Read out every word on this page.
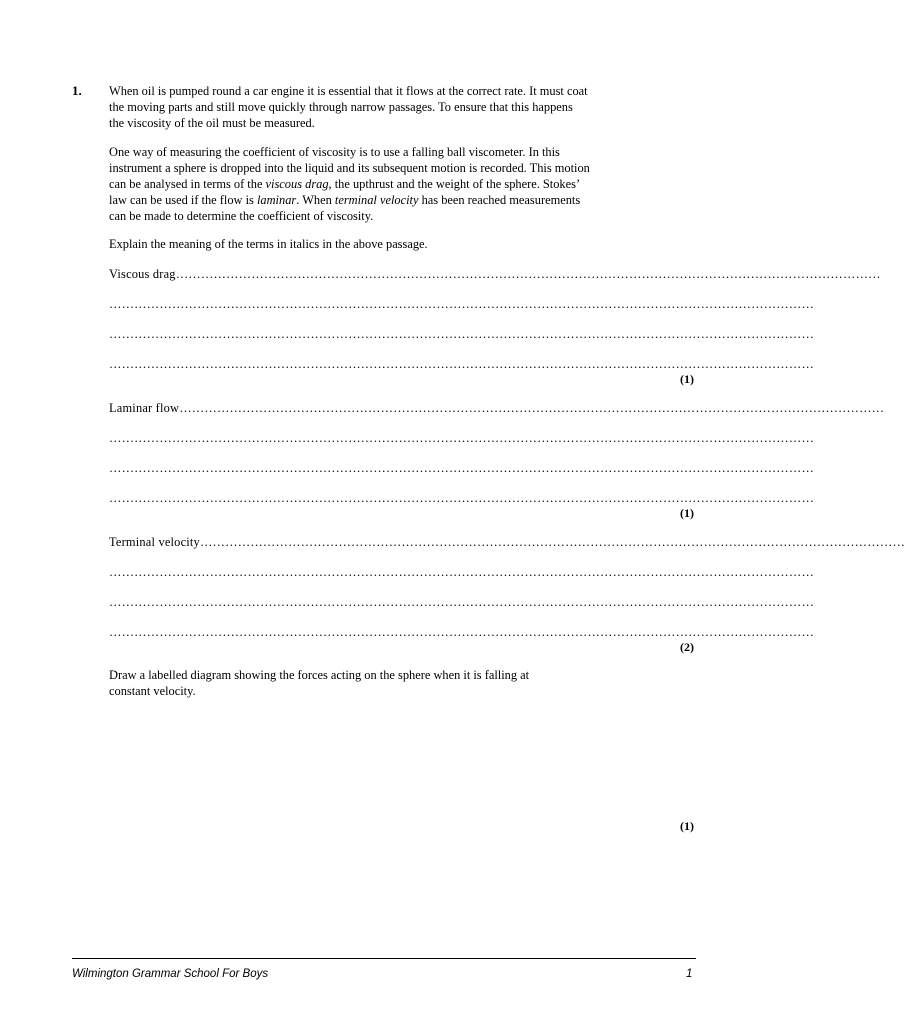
1. When oil is pumped round a car engine it is essential that it flows at the correct rate. It must coat
the moving parts and still move quickly through narrow passages. To ensure that this happens
the viscosity of the oil must be measured.
One way of measuring the coefficient of viscosity is to use a falling ball viscometer. In this
instrument a sphere is dropped into the liquid and its subsequent motion is recorded. This motion
can be analysed in terms of the viscous drag, the upthrust and the weight of the sphere. Stokes’
law can be used if the flow is laminar. When terminal velocity has been reached measurements
can be made to determine the coefficient of viscosity.
Explain the meaning of the terms in italics in the above passage.
Viscous drag……………………………………………………………………………………………………………………………………………………
……………………………………………………………………………………………………………………………………………………
……………………………………………………………………………………………………………………………………………………
……………………………………………………………………………………………………………………………………………………
(1)
Laminar flow……………………………………………………………………………………………………………………………………………………
……………………………………………………………………………………………………………………………………………………
……………………………………………………………………………………………………………………………………………………
……………………………………………………………………………………………………………………………………………………
(1)
Terminal velocity……………………………………………………………………………………………………………………………………………………
……………………………………………………………………………………………………………………………………………………
……………………………………………………………………………………………………………………………………………………
……………………………………………………………………………………………………………………………………………………
(2)
Draw a labelled diagram showing the forces acting on the sphere when it is falling at
constant velocity.
(1)
Wilmington Grammar School For Boys	1
